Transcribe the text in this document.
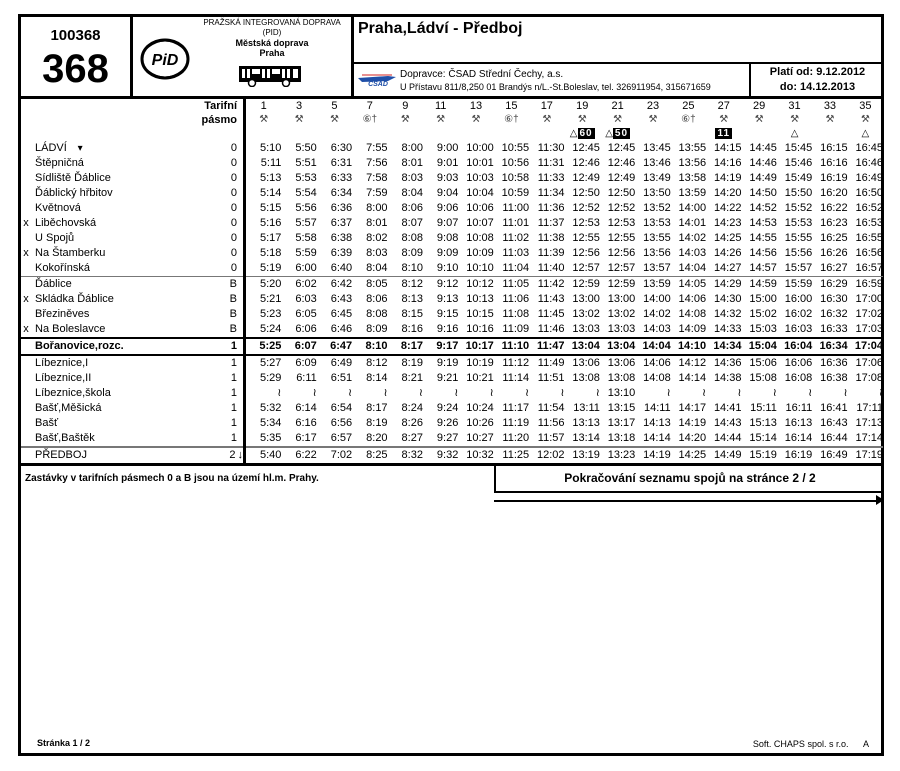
100368
368	PiD
PRAŽSKÁ INTEGROVANÁ DOPRAVA (PID)
Městská doprava
Praha
Praha,Ládví - Předboj
ČSAD
Dopravce: ČSAD Střední Čechy, a.s.
U Přístavu 811/8,250 01 Brandýs n/L.-St.Boleslav, tel. 326911954, 315671659
Platí od: 9.12.2012
do: 14.12.2013
	Tarifní		1	3	5	7	9	11	13	15	17	19	21	23	25	27	29	31	33	35
	pásmo		⚒	⚒	⚒	⑥†	⚒	⚒	⚒	⑥†	⚒	⚒	⚒	⚒	⑥†	⚒	⚒	⚒	⚒	⚒
												△ 60	△ 50			11		△		△
	LÁDVÍ ▾	0	5:10	5:50	6:30	7:55	8:00	9:00	10:00	10:55	11:30	12:45	12:45	13:45	13:55	14:15	14:45	15:45	16:15	16:45
	Štěpničná	0	5:11	5:51	6:31	7:56	8:01	9:01	10:01	10:56	11:31	12:46	12:46	13:46	13:56	14:16	14:46	15:46	16:16	16:46
	Sídliště Ďáblice	0	5:13	5:53	6:33	7:58	8:03	9:03	10:03	10:58	11:33	12:49	12:49	13:49	13:58	14:19	14:49	15:49	16:19	16:49
	Ďáblický hřbitov	0	5:14	5:54	6:34	7:59	8:04	9:04	10:04	10:59	11:34	12:50	12:50	13:50	13:59	14:20	14:50	15:50	16:20	16:50
	Květnová	0	5:15	5:56	6:36	8:00	8:06	9:06	10:06	11:00	11:36	12:52	12:52	13:52	14:00	14:22	14:52	15:52	16:22	16:52
x	Liběchovská	0	5:16	5:57	6:37	8:01	8:07	9:07	10:07	11:01	11:37	12:53	12:53	13:53	14:01	14:23	14:53	15:53	16:23	16:53
	U Spojů	0	5:17	5:58	6:38	8:02	8:08	9:08	10:08	11:02	11:38	12:55	12:55	13:55	14:02	14:25	14:55	15:55	16:25	16:55
x	Na Štamberku	0	5:18	5:59	6:39	8:03	8:09	9:09	10:09	11:03	11:39	12:56	12:56	13:56	14:03	14:26	14:56	15:56	16:26	16:56
	Kokořínská	0	5:19	6:00	6:40	8:04	8:10	9:10	10:10	11:04	11:40	12:57	12:57	13:57	14:04	14:27	14:57	15:57	16:27	16:57
	Ďáblice	B	5:20	6:02	6:42	8:05	8:12	9:12	10:12	11:05	11:42	12:59	12:59	13:59	14:05	14:29	14:59	15:59	16:29	16:59
x	Skládka Ďáblice	B	5:21	6:03	6:43	8:06	8:13	9:13	10:13	11:06	11:43	13:00	13:00	14:00	14:06	14:30	15:00	16:00	16:30	17:00
	Březiněves	B	5:23	6:05	6:45	8:08	8:15	9:15	10:15	11:08	11:45	13:02	13:02	14:02	14:08	14:32	15:02	16:02	16:32	17:02
x	Na Boleslavce	B	5:24	6:06	6:46	8:09	8:16	9:16	10:16	11:09	11:46	13:03	13:03	14:03	14:09	14:33	15:03	16:03	16:33	17:03
	Bořanovice,rozc.	1	5:25	6:07	6:47	8:10	8:17	9:17	10:17	11:10	11:47	13:04	13:04	14:04	14:10	14:34	15:04	16:04	16:34	17:04
	Líbeznice,I	1	5:27	6:09	6:49	8:12	8:19	9:19	10:19	11:12	11:49	13:06	13:06	14:06	14:12	14:36	15:06	16:06	16:36	17:06
	Líbeznice,II	1	5:29	6:11	6:51	8:14	8:21	9:21	10:21	11:14	11:51	13:08	13:08	14:08	14:14	14:38	15:08	16:08	16:38	17:08
	Líbeznice,škola	1	≀	≀	≀	≀	≀	≀	≀	≀	≀	≀	13:10	≀	≀	≀	≀	≀	≀	≀
	Bašť,Měšická	1	5:32	6:14	6:54	8:17	8:24	9:24	10:24	11:17	11:54	13:11	13:15	14:11	14:17	14:41	15:11	16:11	16:41	17:11
	Bašť	1	5:34	6:16	6:56	8:19	8:26	9:26	10:26	11:19	11:56	13:13	13:17	14:13	14:19	14:43	15:13	16:13	16:43	17:13
	Bašť,Baštěk	1	5:35	6:17	6:57	8:20	8:27	9:27	10:27	11:20	11:57	13:14	13:18	14:14	14:20	14:44	15:14	16:14	16:44	17:14
	PŘEDBOJ	2 ↓	5:40	6:22	7:02	8:25	8:32	9:32	10:32	11:25	12:02	13:19	13:23	14:19	14:25	14:49	15:19	16:19	16:49	17:19
Zastávky v tarifních pásmech 0 a B jsou na území hl.m. Prahy.	Pokračování seznamu spojů na stránce 2 / 2
Stránka 1 / 2	Soft. CHAPS spol. s r.o. A
